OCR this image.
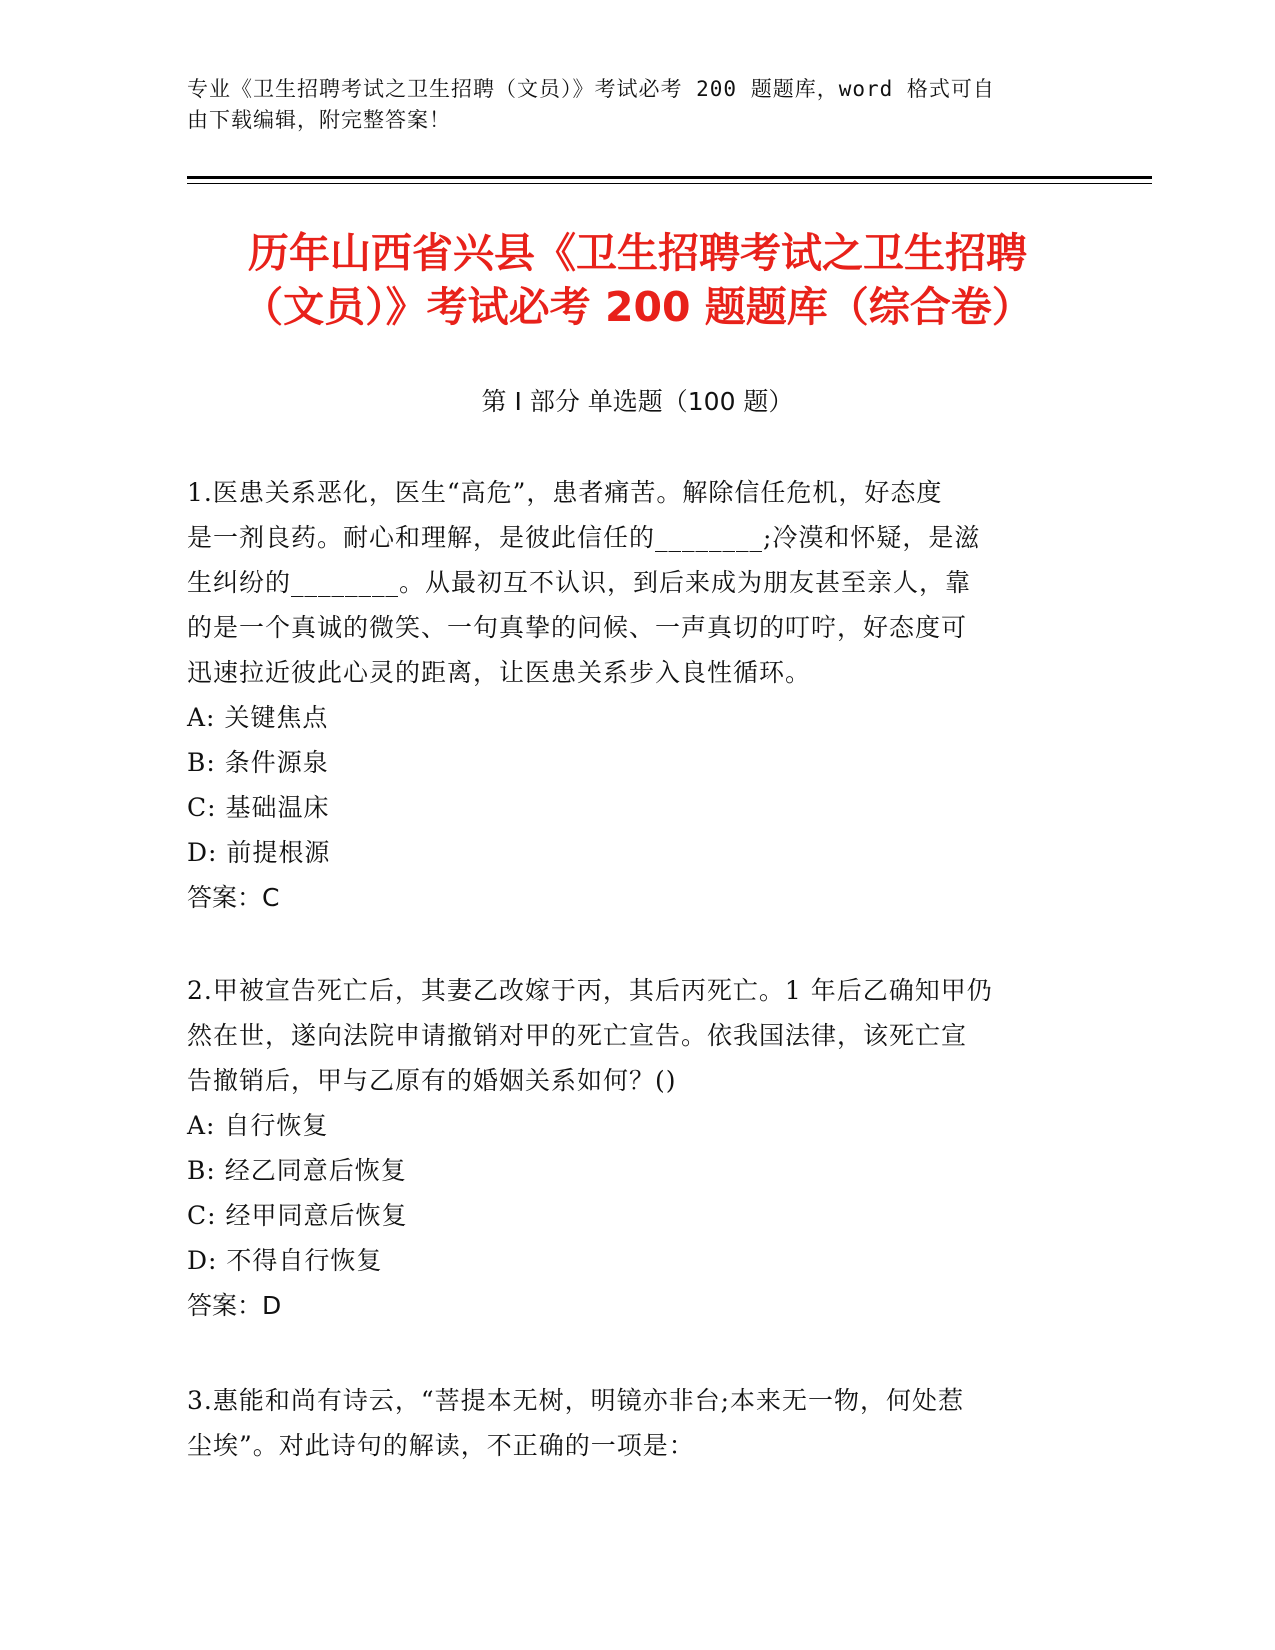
专业《卫生招聘考试之卫生招聘（文员）》考试必考 200 题题库，word 格式可自
由下载编辑，附完整答案！
历年山西省兴县《卫生招聘考试之卫生招聘
（文员）》考试必考 200 题题库（综合卷）
第 I 部分 单选题（100 题）
1.医患关系恶化，医生“高危”，患者痛苦。解除信任危机，好态度
是一剂良药。耐心和理解，是彼此信任的________;冷漠和怀疑，是滋
生纠纷的________。从最初互不认识，到后来成为朋友甚至亲人，靠
的是一个真诚的微笑、一句真挚的问候、一声真切的叮咛，好态度可
迅速拉近彼此心灵的距离，让医患关系步入良性循环。
A: 关键焦点
B: 条件源泉
C: 基础温床
D: 前提根源
答案：C
2.甲被宣告死亡后，其妻乙改嫁于丙，其后丙死亡。1 年后乙确知甲仍
然在世，遂向法院申请撤销对甲的死亡宣告。依我国法律，该死亡宣
告撤销后，甲与乙原有的婚姻关系如何？()
A: 自行恢复
B: 经乙同意后恢复
C: 经甲同意后恢复
D: 不得自行恢复
答案：D
3.惠能和尚有诗云，“菩提本无树，明镜亦非台;本来无一物，何处惹
尘埃”。对此诗句的解读，不正确的一项是：
